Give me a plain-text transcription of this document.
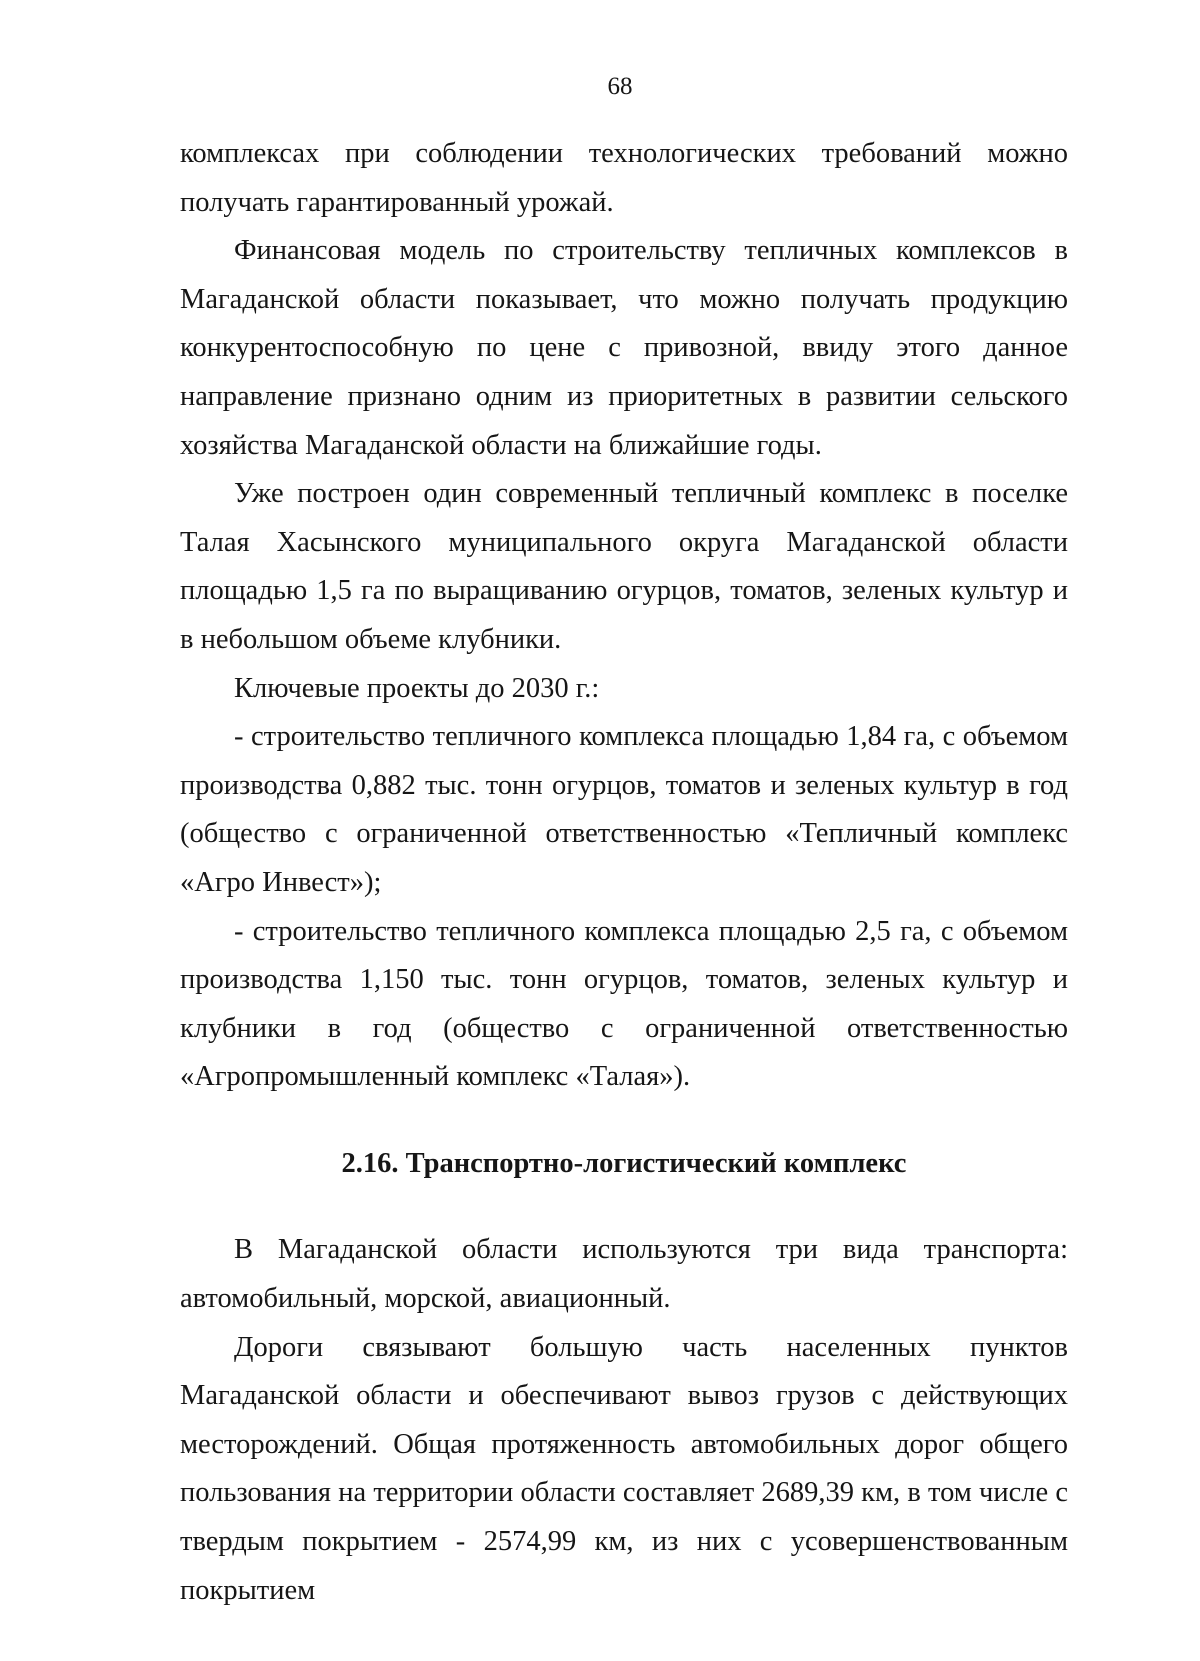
68

комплексах при соблюдении технологических требований можно получать гарантированный урожай.

Финансовая модель по строительству тепличных комплексов в Магаданской области показывает, что можно получать продукцию конкурентоспособную по цене с привозной, ввиду этого данное направление признано одним из приоритетных в развитии сельского хозяйства Магаданской области на ближайшие годы.

Уже построен один современный тепличный комплекс в поселке Талая Хасынского муниципального округа Магаданской области площадью 1,5 га по выращиванию огурцов, томатов, зеленых культур и в небольшом объеме клубники.

Ключевые проекты до 2030 г.:

- строительство тепличного комплекса площадью 1,84 га, с объемом производства 0,882 тыс. тонн огурцов, томатов и зеленых культур в год (общество с ограниченной ответственностью «Тепличный комплекс «Агро Инвест»);

- строительство тепличного комплекса площадью 2,5 га, с объемом производства 1,150 тыс. тонн огурцов, томатов, зеленых культур и клубники в год (общество с ограниченной ответственностью «Агропромышленный комплекс «Талая»).

2.16. Транспортно-логистический комплекс

В Магаданской области используются три вида транспорта: автомобильный, морской, авиационный.

Дороги связывают большую часть населенных пунктов Магаданской области и обеспечивают вывоз грузов с действующих месторождений. Общая протяженность автомобильных дорог общего пользования на территории области составляет 2689,39 км, в том числе с твердым покрытием - 2574,99 км, из них с усовершенствованным покрытием
